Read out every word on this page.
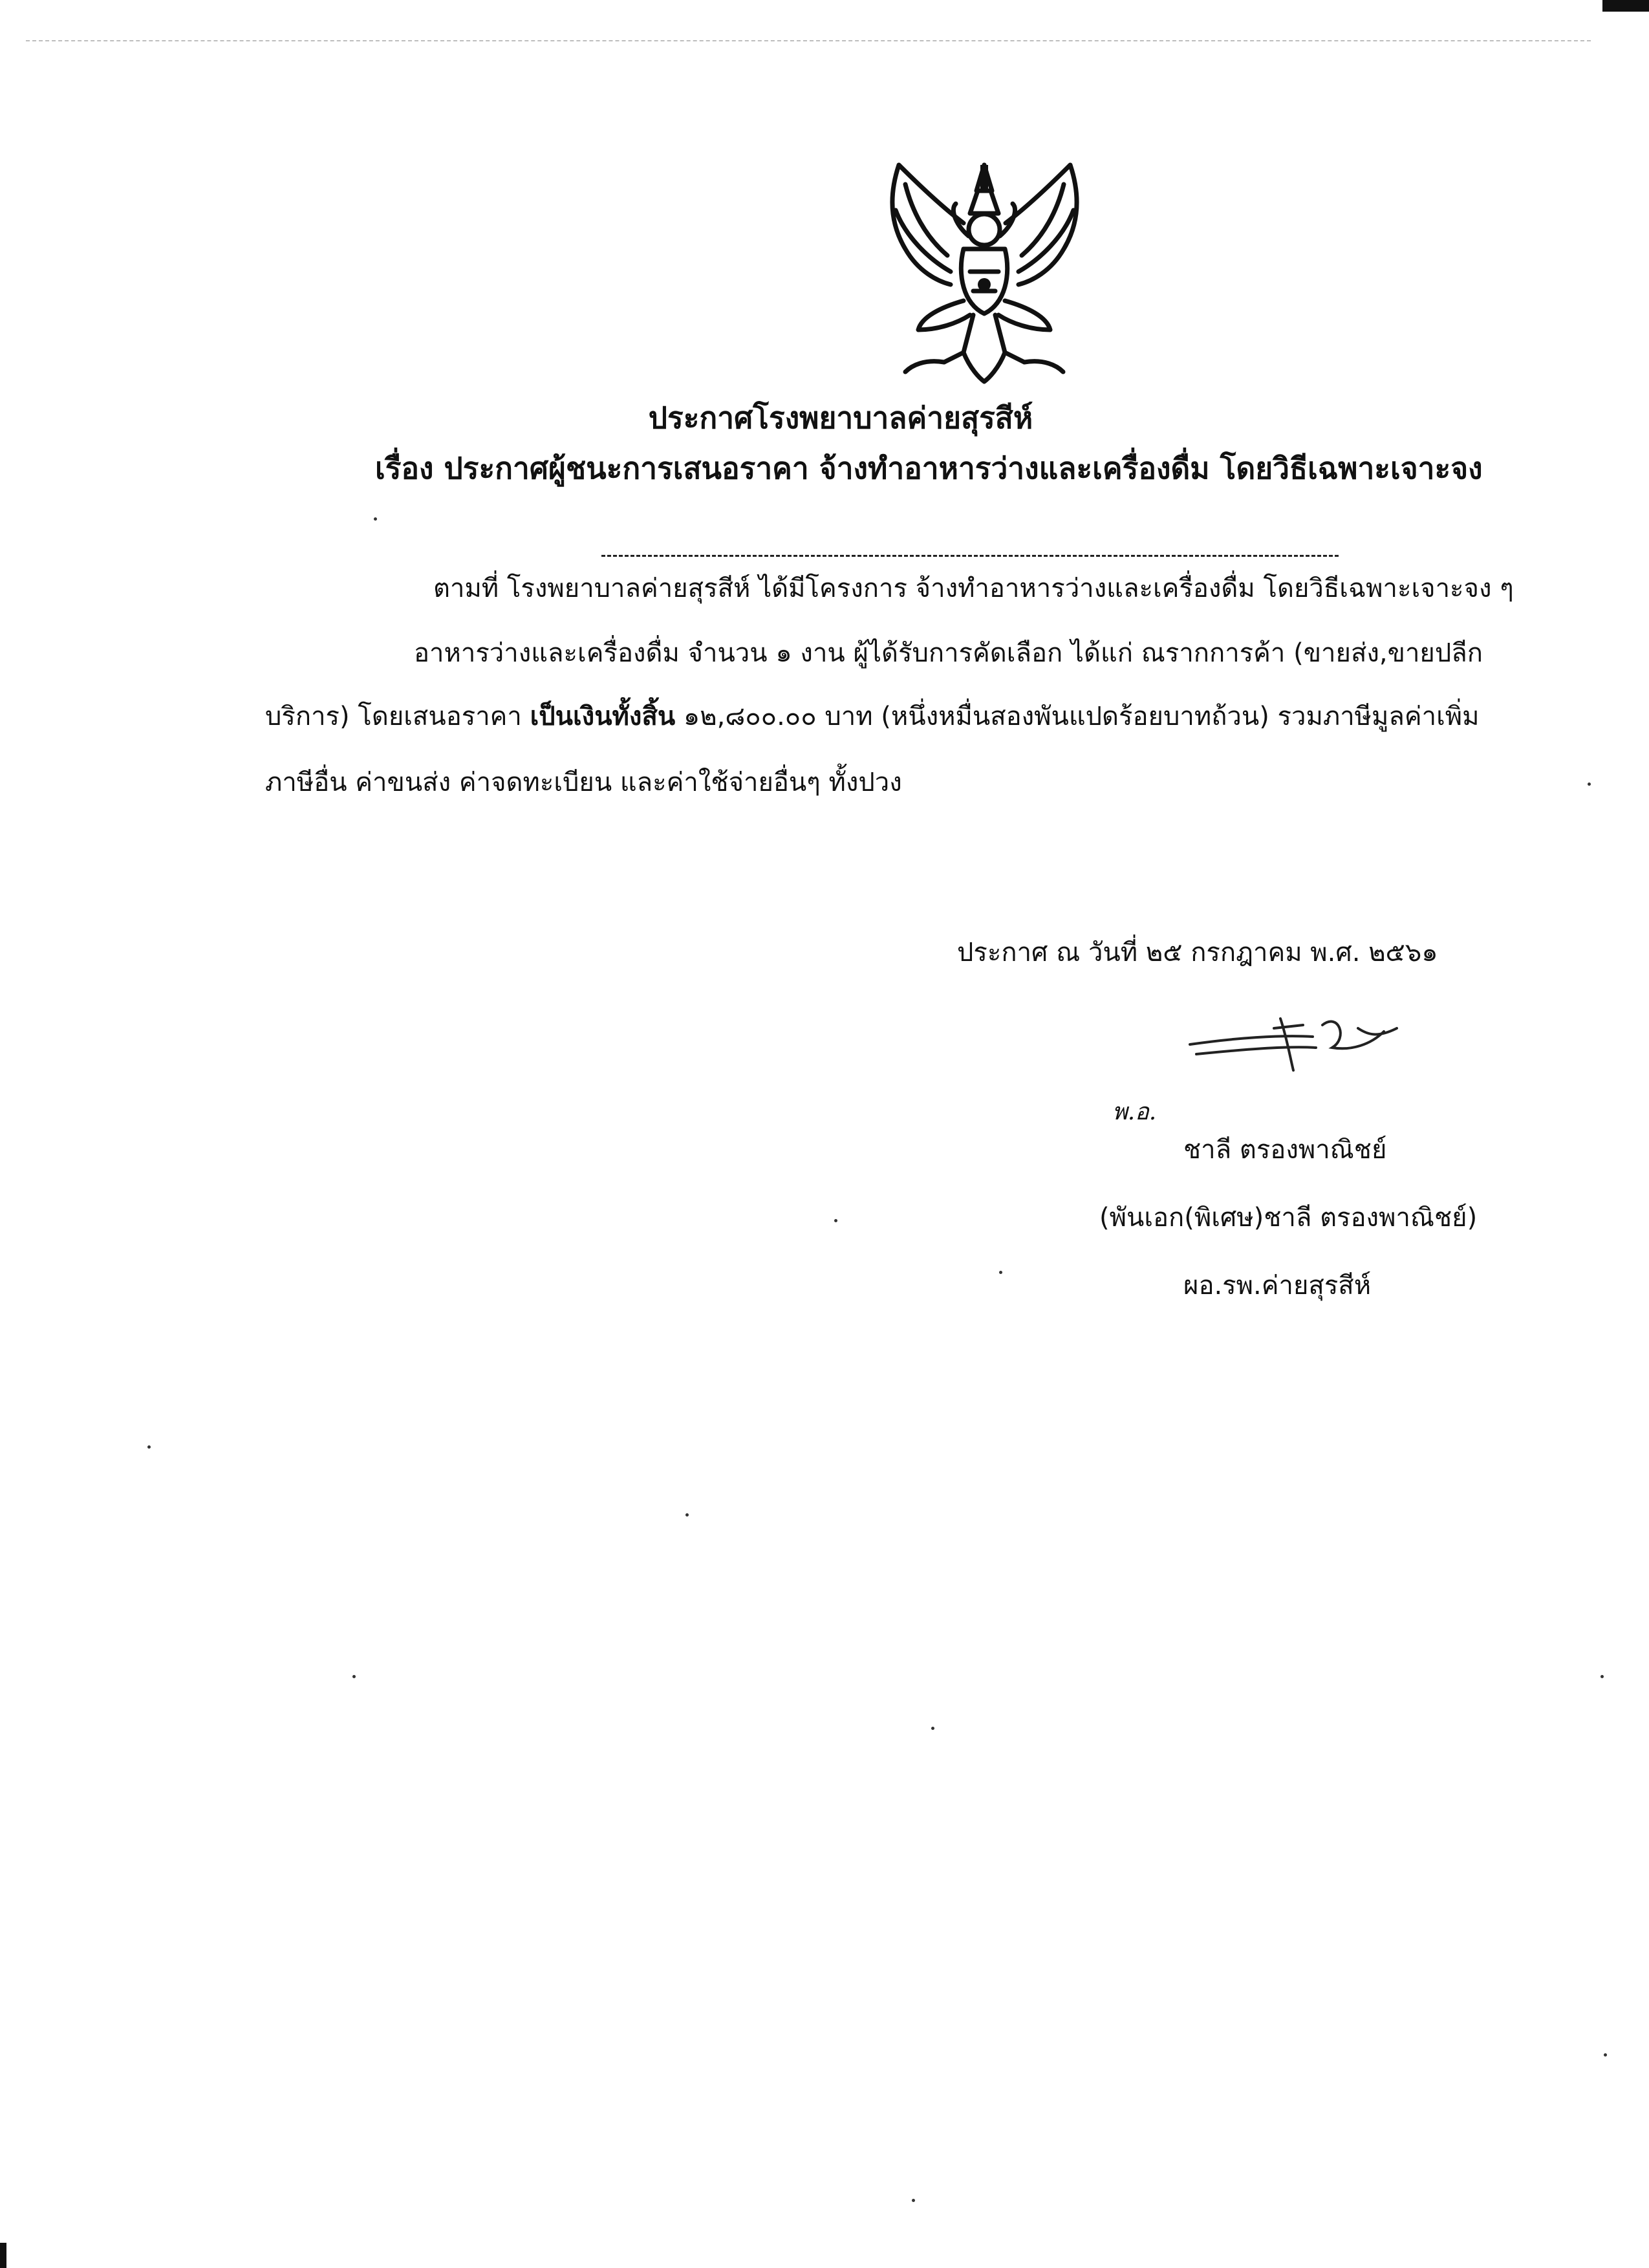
ประกาศโรงพยาบาลค่ายสุรสีห์
เรื่อง ประกาศผู้ชนะการเสนอราคา จ้างทำอาหารว่างและเครื่องดื่ม โดยวิธีเฉพาะเจาะจง
ตามที่ โรงพยาบาลค่ายสุรสีห์ ได้มีโครงการ จ้างทำอาหารว่างและเครื่องดื่ม โดยวิธีเฉพาะเจาะจง ๆ
อาหารว่างและเครื่องดื่ม จำนวน ๑ งาน ผู้ได้รับการคัดเลือก ได้แก่ ณรากการค้า (ขายส่ง,ขายปลีก
บริการ) โดยเสนอราคา เป็นเงินทั้งสิ้น ๑๒,๘๐๐.๐๐ บาท (หนึ่งหมื่นสองพันแปดร้อยบาทถ้วน) รวมภาษีมูลค่าเพิ่ม
ภาษีอื่น ค่าขนส่ง ค่าจดทะเบียน และค่าใช้จ่ายอื่นๆ ทั้งปวง
ประกาศ ณ วันที่ ๒๕ กรกฎาคม พ.ศ. ๒๕๖๑
พ.อ.
ชาลี ตรองพาณิชย์
(พันเอก(พิเศษ)ชาลี ตรองพาณิชย์)
ผอ.รพ.ค่ายสุรสีห์
